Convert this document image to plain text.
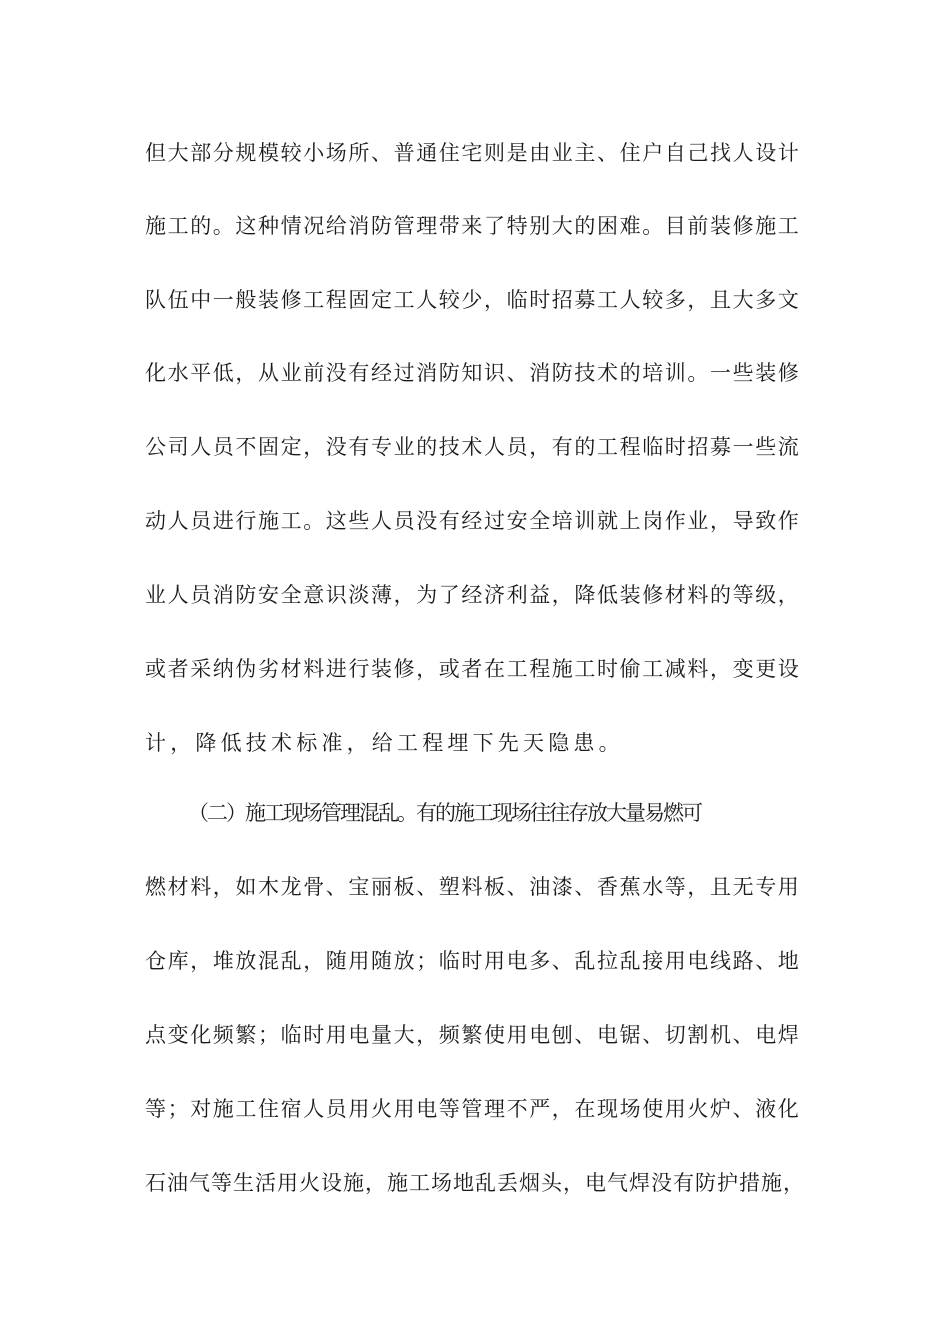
但大部分规模较小场所、普通住宅则是由业主、住户自己找人设计
施工的。这种情况给消防管理带来了特别大的困难。目前装修施工
队伍中一般装修工程固定工人较少，临时招募工人较多，且大多文
化水平低，从业前没有经过消防知识、消防技术的培训。一些装修
公司人员不固定，没有专业的技术人员，有的工程临时招募一些流
动人员进行施工。这些人员没有经过安全培训就上岗作业，导致作
业人员消防安全意识淡薄，为了经济利益，降低装修材料的等级，
或者采纳伪劣材料进行装修，或者在工程施工时偷工减料，变更设
计，降低技术标准，给工程埋下先天隐患。
（二）施工现场管理混乱。有的施工现场往往存放大量易燃可
燃材料，如木龙骨、宝丽板、塑料板、油漆、香蕉水等，且无专用
仓库，堆放混乱，随用随放；临时用电多、乱拉乱接用电线路、地
点变化频繁；临时用电量大，频繁使用电刨、电锯、切割机、电焊
等；对施工住宿人员用火用电等管理不严，在现场使用火炉、液化
石油气等生活用火设施，施工场地乱丢烟头，电气焊没有防护措施，
